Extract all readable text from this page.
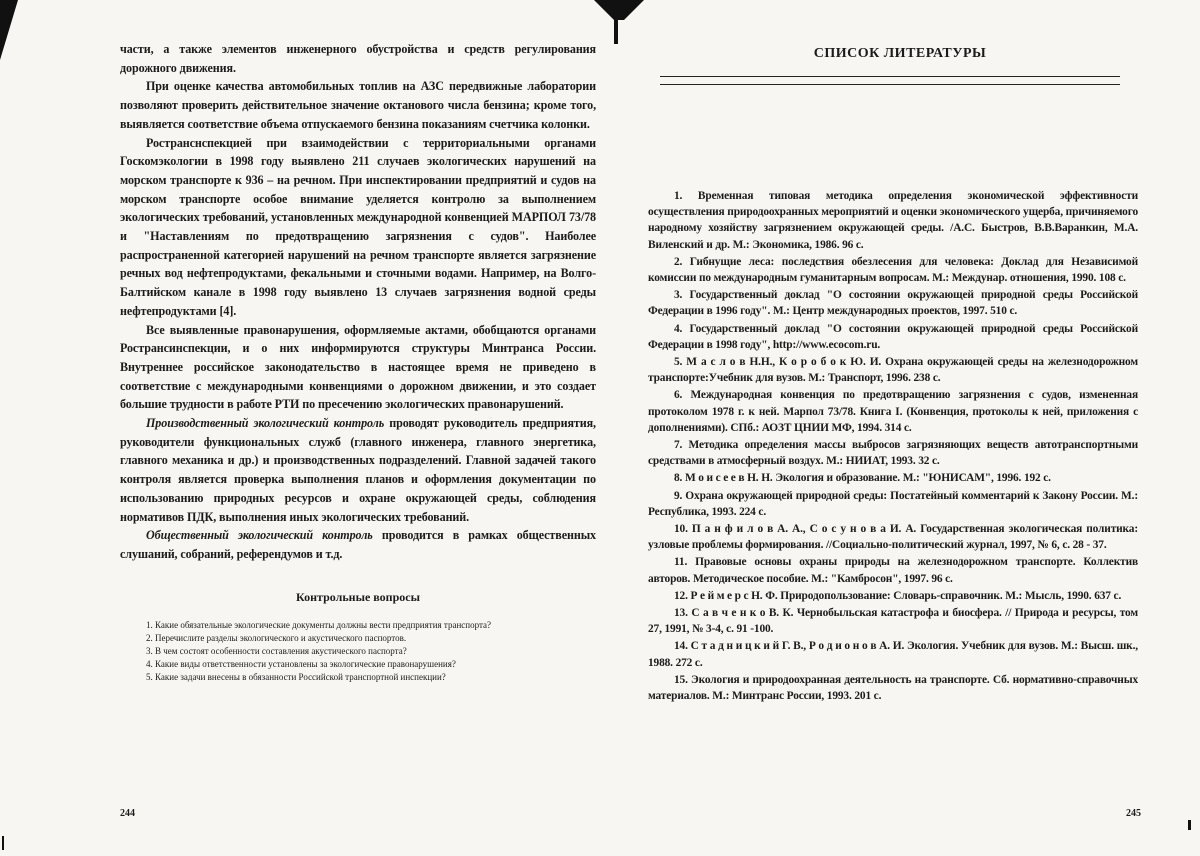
части, а также элементов инженерного обустройства и средств регулирования дорожного движения.

При оценке качества автомобильных топлив на АЗС передвижные лаборатории позволяют проверить действительное значение октанового числа бензина; кроме того, выявляется соответствие объема отпускаемого бензина показаниям счетчика колонки.

Ространснспекцией при взаимодействии с территориальными органами Госкомэкологии в 1998 году выявлено 211 случаев экологических нарушений на морском транспорте к 936 – на речном. При инспектировании предприятий и судов на морском транспорте особое внимание уделяется контролю за выполнением экологических требований, установленных международной конвенцией МАРПОЛ 73/78 и "Наставлениям по предотвращению загрязнения с судов". Наиболее распространенной категорией нарушений на речном транспорте является загрязнение речных вод нефтепродуктами, фекальными и сточными водами. Например, на Волго-Балтийском канале в 1998 году выявлено 13 случаев загрязнения водной среды нефтепродуктами [4].

Все выявленные правонарушения, оформляемые актами, обобщаются органами Ространсинспекции, и о них информируются структуры Минтранса России. Внутреннее российское законодательство в настоящее время не приведено в соответствие с международными конвенциями о дорожном движении, и это создает большие трудности в работе РТИ по пресечению экологических правонарушений.

Производственный экологический контроль проводят руководитель предприятия, руководители функциональных служб (главного инженера, главного энергетика, главного механика и др.) и производственных подразделений. Главной задачей такого контроля является проверка выполнения планов и оформления документации по использованию природных ресурсов и охране окружающей среды, соблюдения нормативов ПДК, выполнения иных экологических требований.

Общественный экологический контроль проводится в рамках общественных слушаний, собраний, референдумов и т.д.

Контрольные вопросы

1. Какие обязательные экологические документы должны вести предприятия транспорта?

2. Перечислите разделы экологического и акустического паспортов.

3. В чем состоят особенности составления акустического паспорта?

4. Какие виды ответственности установлены за экологические правонарушения?

5. Какие задачи внесены в обязанности Российской транспортной инспекции?

244
СПИСОК ЛИТЕРАТУРЫ

1. Временная типовая методика определения экономической эффективности осуществления природоохранных мероприятий и оценки экономического ущерба, причиняемого народному хозяйству загрязнением окружающей среды. /А.С. Быстров, В.В.Варанкин, М.А. Виленский и др. М.: Экономика, 1986. 96 с.

2. Гибнущие леса: последствия обезлесения для человека: Доклад для Независимой комиссии по международным гуманитарным вопросам. М.: Междунар. отношения, 1990. 108 с.

3. Государственный доклад "О состоянии окружающей природной среды Российской Федерации в 1996 году". М.: Центр международных проектов, 1997. 510 с.

4. Государственный доклад "О состоянии окружающей природной среды Российской Федерации в 1998 году", http://www.ecocom.ru.

5. М а с л о в Н.Н., К о р о б о к Ю. И. Охрана окружающей среды на железнодорожном транспорте:Учебник для вузов. М.: Транспорт, 1996. 238 с.

6. Международная конвенция по предотвращению загрязнения с судов, измененная протоколом 1978 г. к ней. Марпол 73/78. Книга I. (Конвенция, протоколы к ней, приложения с дополнениями). СПб.: АОЗТ ЦНИИ МФ, 1994. 314 с.

7. Методика определения массы выбросов загрязняющих веществ автотранспортными средствами в атмосферный воздух. М.: НИИАТ, 1993. 32 с.

8. М о и с е е в Н. Н. Экология и образование. М.: "ЮНИСАМ", 1996. 192 с.

9. Охрана окружающей природной среды: Постатейный комментарий к Закону России. М.: Республика, 1993. 224 с.

10. П а н ф и л о в А. А., С о с у н о в а И. А. Государственная экологическая политика: узловые проблемы формирования. //Социально-политический журнал, 1997, № 6, с. 28 - 37.

11. Правовые основы охраны природы на железнодорожном транспорте. Коллектив авторов. Методическое пособие. М.: "Камбросон", 1997. 96 с.

12. Р е й м е р с Н. Ф. Природопользование: Словарь-справочник. М.: Мысль, 1990. 637 с.

13. С а в ч е н к о В. К. Чернобыльская катастрофа и биосфера. // Природа и ресурсы, том 27, 1991, № 3-4, с. 91 -100.

14. С т а д н и ц к и й Г. В., Р о д и о н о в А. И. Экология. Учебник для вузов. М.: Высш. шк., 1988. 272 с.

15. Экология и природоохранная деятельность на транспорте. Сб. нормативно-справочных материалов. М.: Минтранс России, 1993. 201 с.

245
